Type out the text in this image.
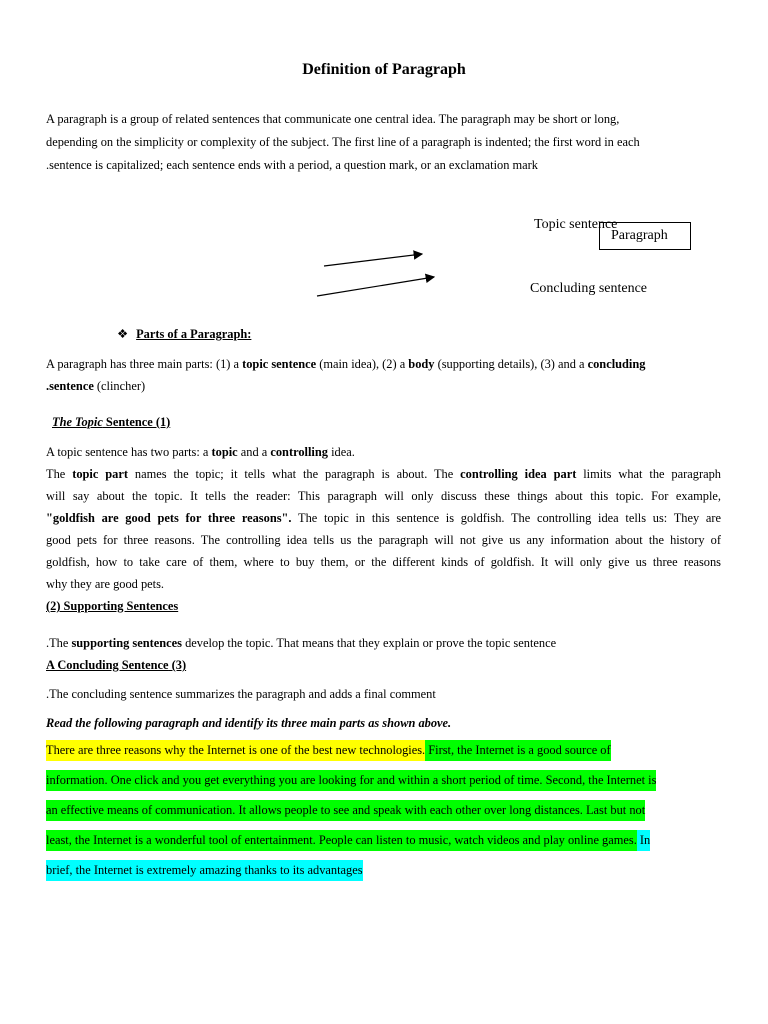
Definition of Paragraph
A paragraph is a group of related sentences that communicate one central idea. The paragraph may be short or long,
depending on the simplicity or complexity of the subject. The first line of a paragraph is indented; the first word in each
.sentence is capitalized; each sentence ends with a period, a question mark, or an exclamation mark
Topic sentence
Paragraph
Concluding sentence
❖ Parts of a Paragraph:
A paragraph has three main parts: (1) a topic sentence (main idea), (2) a body (supporting details), (3) and a concluding
.sentence (clincher)
The Topic Sentence (1)
A topic sentence has two parts: a topic and a controlling idea.
The topic part names the topic; it tells what the paragraph is about. The controlling idea part limits what the paragraph
will say about the topic. It tells the reader: This paragraph will only discuss these things about this topic. For example,
"goldfish are good pets for three reasons". The topic in this sentence is goldfish. The controlling idea tells us: They are
good pets for three reasons. The controlling idea tells us the paragraph will not give us any information about the history of
goldfish, how to take care of them, where to buy them, or the different kinds of goldfish. It will only give us three reasons
why they are good pets.
(2) Supporting Sentences
.The supporting sentences develop the topic. That means that they explain or prove the topic sentence
A Concluding Sentence (3)
.The concluding sentence summarizes the paragraph and adds a final comment
Read the following paragraph and identify its three main parts as shown above.
There are three reasons why the Internet is one of the best new technologies. First, the Internet is a good source of
information. One click and you get everything you are looking for and within a short period of time. Second, the Internet is
an effective means of communication. It allows people to see and speak with each other over long distances. Last but not
least, the Internet is a wonderful tool of entertainment. People can listen to music, watch videos and play online games. In
brief, the Internet is extremely amazing thanks to its advantages
